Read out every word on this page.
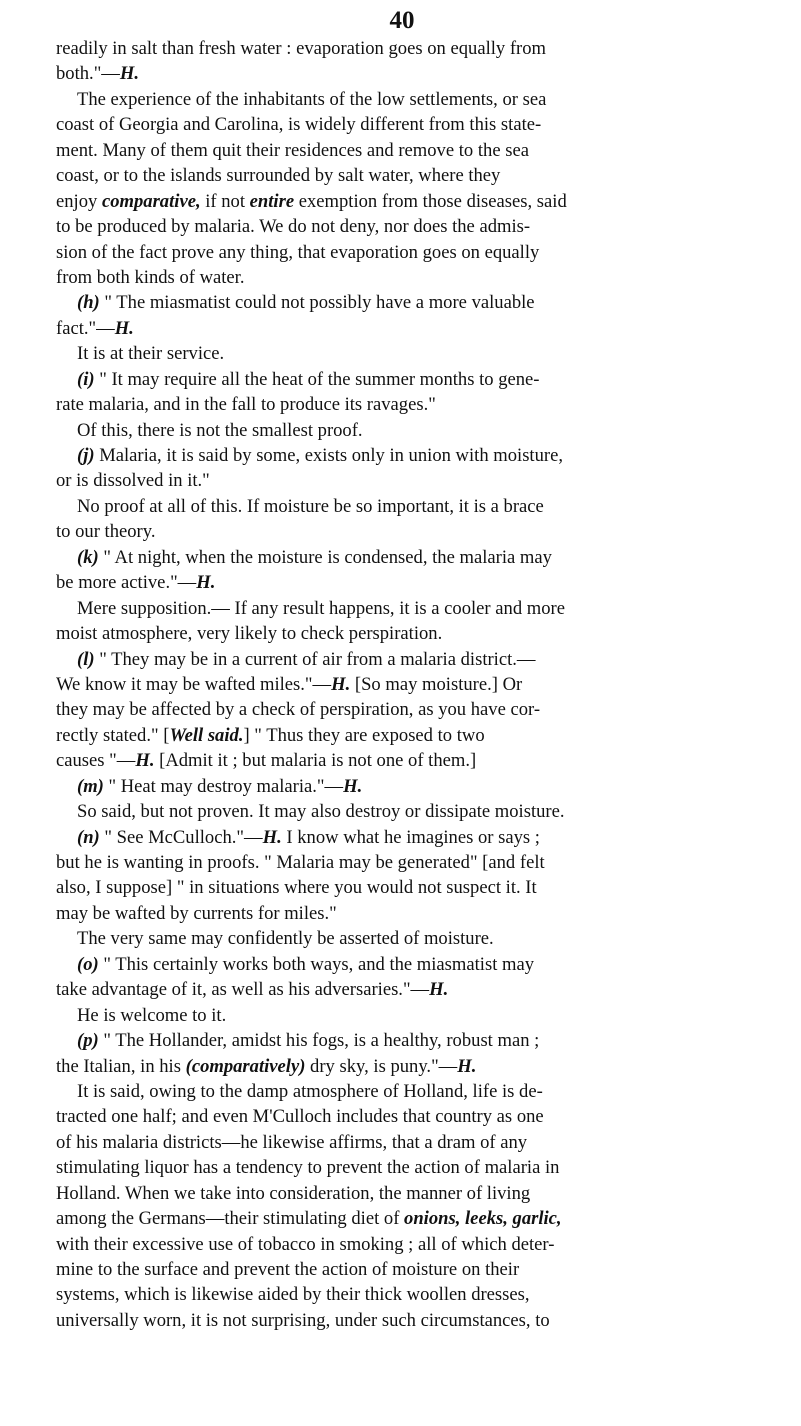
40
readily in salt than fresh water : evaporation goes on equally from
both."—H.
The experience of the inhabitants of the low settlements, or sea
coast of Georgia and Carolina, is widely different from this state-
ment. Many of them quit their residences and remove to the sea
coast, or to the islands surrounded by salt water, where they
enjoy comparative, if not entire exemption from those diseases, said
to be produced by malaria. We do not deny, nor does the admis-
sion of the fact prove any thing, that evaporation goes on equally
from both kinds of water.
(h) " The miasmatist could not possibly have a more valuable
fact."—H.
It is at their service.
(i) " It may require all the heat of the summer months to gene-
rate malaria, and in the fall to produce its ravages."
Of this, there is not the smallest proof.
(j) Malaria, it is said by some, exists only in union with moisture,
or is dissolved in it."
No proof at all of this. If moisture be so important, it is a brace
to our theory.
(k) " At night, when the moisture is condensed, the malaria may
be more active."—H.
Mere supposition.— If any result happens, it is a cooler and more
moist atmosphere, very likely to check perspiration.
(l) " They may be in a current of air from a malaria district.—
We know it may be wafted miles."—H. [So may moisture.] Or
they may be affected by a check of perspiration, as you have cor-
rectly stated." [Well said.] " Thus they are exposed to two
causes "—H. [Admit it ; but malaria is not one of them.]
(m) " Heat may destroy malaria."—H.
So said, but not proven. It may also destroy or dissipate moisture.
(n) " See McCulloch."—H. I know what he imagines or says ;
but he is wanting in proofs. " Malaria may be generated" [and felt
also, I suppose] " in situations where you would not suspect it. It
may be wafted by currents for miles."
The very same may confidently be asserted of moisture.
(o) " This certainly works both ways, and the miasmatist may
take advantage of it, as well as his adversaries."—H.
He is welcome to it.
(p) " The Hollander, amidst his fogs, is a healthy, robust man ;
the Italian, in his (comparatively) dry sky, is puny."—H.
It is said, owing to the damp atmosphere of Holland, life is de-
tracted one half; and even M'Culloch includes that country as one
of his malaria districts—he likewise affirms, that a dram of any
stimulating liquor has a tendency to prevent the action of malaria in
Holland. When we take into consideration, the manner of living
among the Germans—their stimulating diet of onions, leeks, garlic,
with their excessive use of tobacco in smoking ; all of which deter-
mine to the surface and prevent the action of moisture on their
systems, which is likewise aided by their thick woollen dresses,
universally worn, it is not surprising, under such circumstances, to
